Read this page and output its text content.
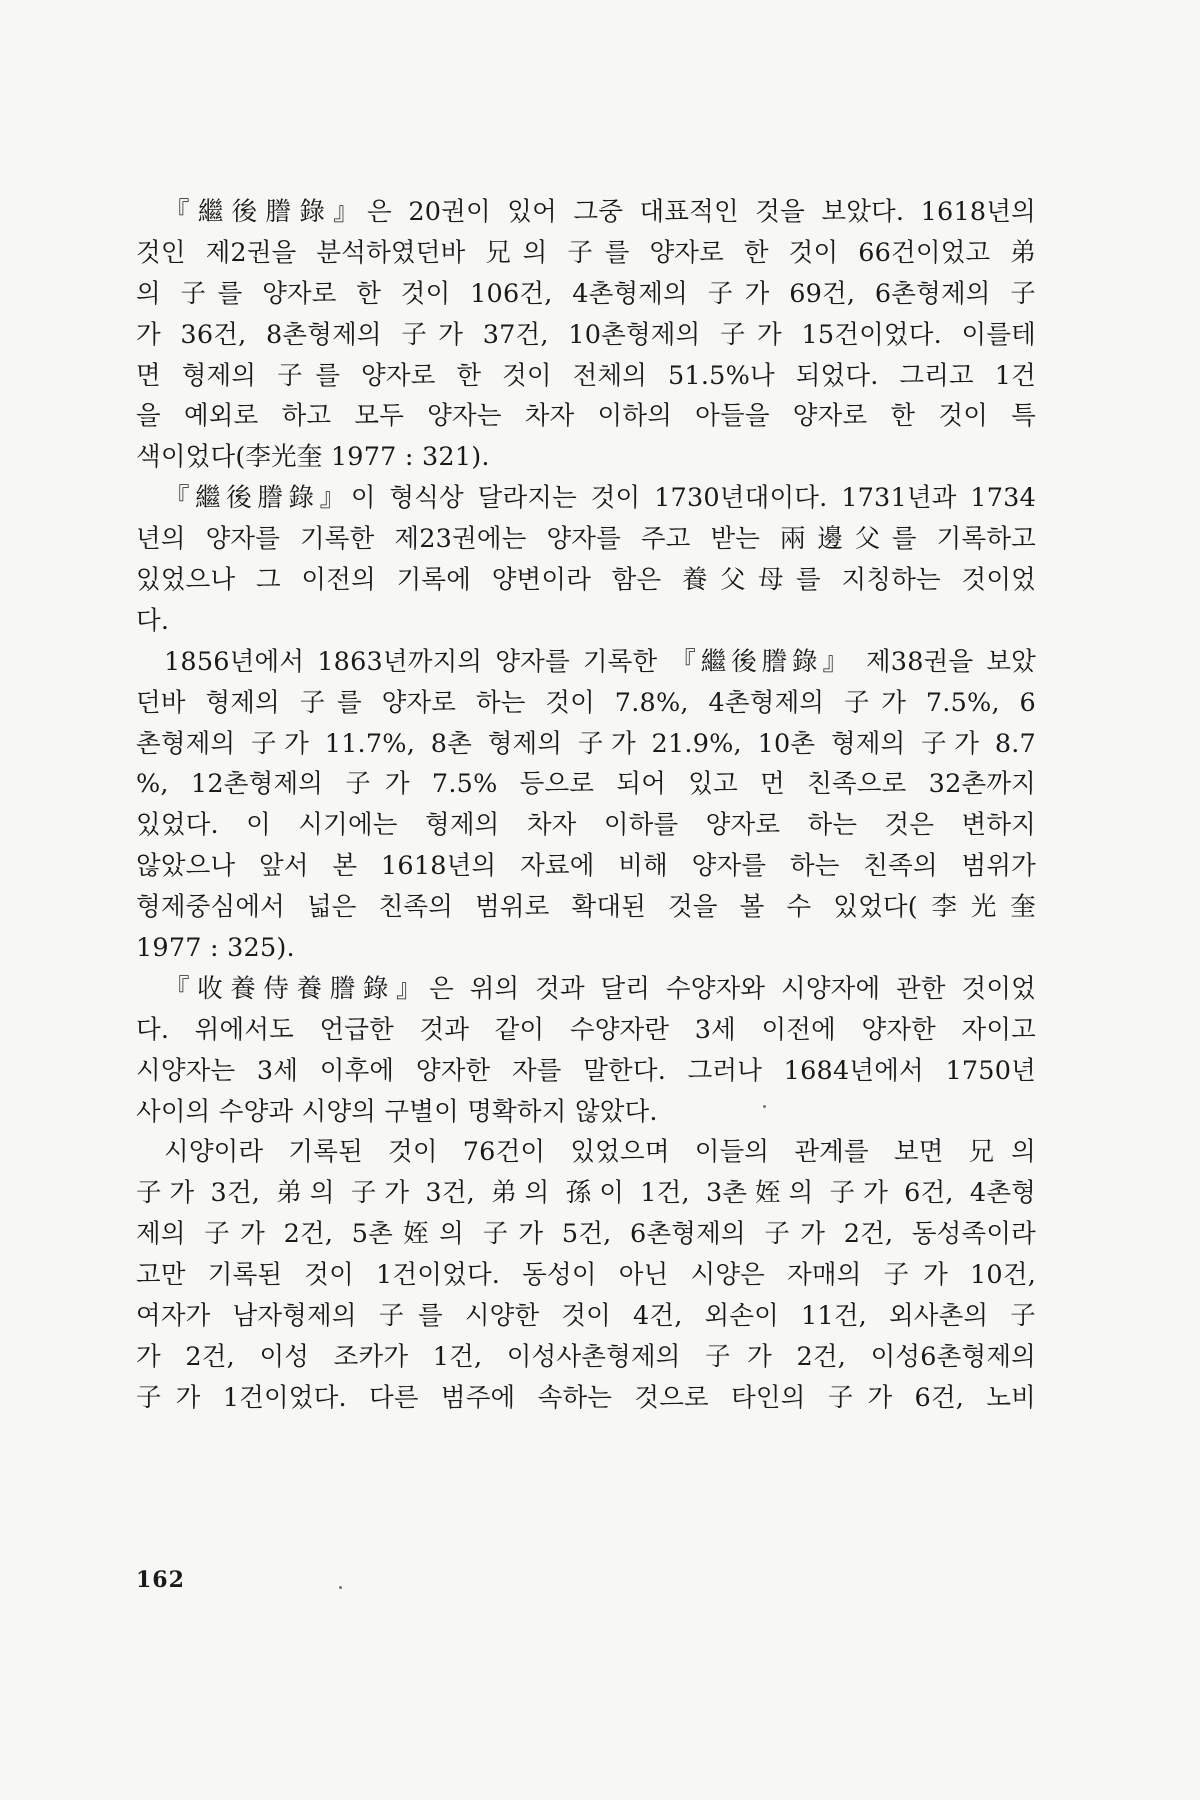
『繼後謄錄』은 20권이 있어 그중 대표적인 것을 보았다. 1618년의
것인 제2권을 분석하였던바 兄의 子를 양자로 한 것이 66건이었고 弟
의 子를 양자로 한 것이 106건, 4촌형제의 子가 69건, 6촌형제의 子
가 36건, 8촌형제의 子가 37건, 10촌형제의 子가 15건이었다. 이를테
면 형제의 子를 양자로 한 것이 전체의 51.5%나 되었다. 그리고 1건
을 예외로 하고 모두 양자는 차자 이하의 아들을 양자로 한 것이 특
색이었다(李光奎 1977 : 321).
『繼後謄錄』이 형식상 달라지는 것이 1730년대이다. 1731년과 1734
년의 양자를 기록한 제23권에는 양자를 주고 받는 兩邊父를 기록하고
있었으나 그 이전의 기록에 양변이라 함은 養父母를 지칭하는 것이었
다.
1856년에서 1863년까지의 양자를 기록한 『繼後謄錄』 제38권을 보았
던바 형제의 子를 양자로 하는 것이 7.8%, 4촌형제의 子가 7.5%, 6
촌형제의 子가 11.7%, 8촌 형제의 子가 21.9%, 10촌 형제의 子가 8.7
%, 12촌형제의 子가 7.5% 등으로 되어 있고 먼 친족으로 32촌까지
있었다. 이 시기에는 형제의 차자 이하를 양자로 하는 것은 변하지
않았으나 앞서 본 1618년의 자료에 비해 양자를 하는 친족의 범위가
형제중심에서 넓은 친족의 범위로 확대된 것을 볼 수 있었다(李光奎
1977 : 325).
『收養侍養謄錄』은 위의 것과 달리 수양자와 시양자에 관한 것이었
다. 위에서도 언급한 것과 같이 수양자란 3세 이전에 양자한 자이고
시양자는 3세 이후에 양자한 자를 말한다. 그러나 1684년에서 1750년
사이의 수양과 시양의 구별이 명확하지 않았다.
시양이라 기록된 것이 76건이 있었으며 이들의 관계를 보면 兄의
子가 3건, 弟의 子가 3건, 弟의 孫이 1건, 3촌姪의 子가 6건, 4촌형
제의 子가 2건, 5촌姪의 子가 5건, 6촌형제의 子가 2건, 동성족이라
고만 기록된 것이 1건이었다. 동성이 아닌 시양은 자매의 子가 10건,
여자가 남자형제의 子를 시양한 것이 4건, 외손이 11건, 외사촌의 子
가 2건, 이성 조카가 1건, 이성사촌형제의 子가 2건, 이성6촌형제의
子가 1건이었다. 다른 범주에 속하는 것으로 타인의 子가 6건, 노비
162
